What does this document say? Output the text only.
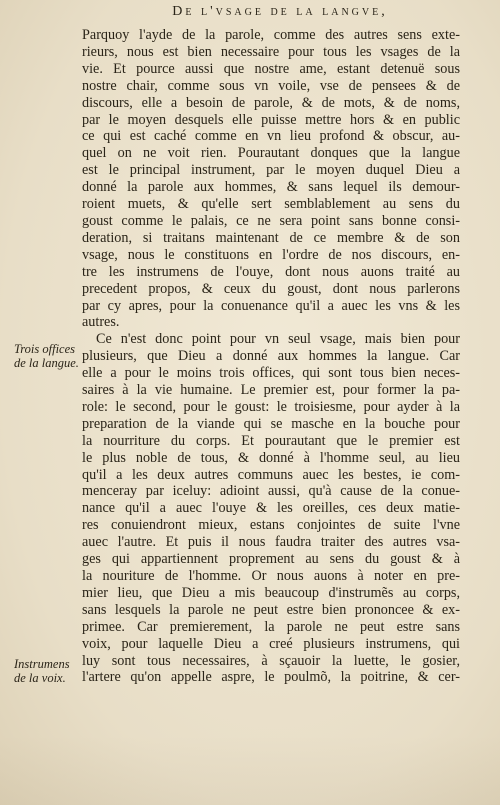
De l'vsage de la langve,
Trois offices de la langue.
Instrumens de la voix.
Parquoy l'ayde de la parole, comme des autres sens exte-
rieurs, nous est bien necessaire pour tous les vsages de la
vie. Et pource aussi que nostre ame, estant detenuë sous
nostre chair, comme sous vn voile, vse de pensees & de
discours, elle a besoin de parole, & de mots, & de noms,
par le moyen desquels elle puisse mettre hors & en public
ce qui est caché comme en vn lieu profond & obscur, au-
quel on ne voit rien. Pourautant donques que la langue
est le principal instrument, par le moyen duquel Dieu a
donné la parole aux hommes, & sans lequel ils demour-
roient muets, & qu'elle sert semblablement au sens du
goust comme le palais, ce ne sera point sans bonne consi-
deration, si traitans maintenant de ce membre & de son
vsage, nous le constituons en l'ordre de nos discours, en-
tre les instrumens de l'ouye, dont nous auons traité au
precedent propos, & ceux du goust, dont nous parlerons
par cy apres, pour la conuenance qu'il a auec les vns & les
autres.
Ce n'est donc point pour vn seul vsage, mais bien pour
plusieurs, que Dieu a donné aux hommes la langue. Car
elle a pour le moins trois offices, qui sont tous bien neces-
saires à la vie humaine. Le premier est, pour former la pa-
role: le second, pour le goust: le troisiesme, pour ayder à la
preparation de la viande qui se masche en la bouche pour
la nourriture du corps. Et pourautant que le premier est
le plus noble de tous, & donné à l'homme seul, au lieu
qu'il a les deux autres communs auec les bestes, ie com-
menceray par iceluy: adioint aussi, qu'à cause de la conue-
nance qu'il a auec l'ouye & les oreilles, ces deux matie-
res conuiendront mieux, estans conjointes de suite l'vne
auec l'autre. Et puis il nous faudra traiter des autres vsa-
ges qui appartiennent proprement au sens du goust & à
la nouriture de l'homme. Or nous auons à noter en pre-
mier lieu, que Dieu a mis beaucoup d'instrumẽs au corps,
sans lesquels la parole ne peut estre bien prononcee & ex-
primee. Car premierement, la parole ne peut estre sans
voix, pour laquelle Dieu a creé plusieurs instrumens, qui
luy sont tous necessaires, à sçauoir la luette, le gosier,
l'artere qu'on appelle aspre, le poulmõ, la poitrine, & cer-
